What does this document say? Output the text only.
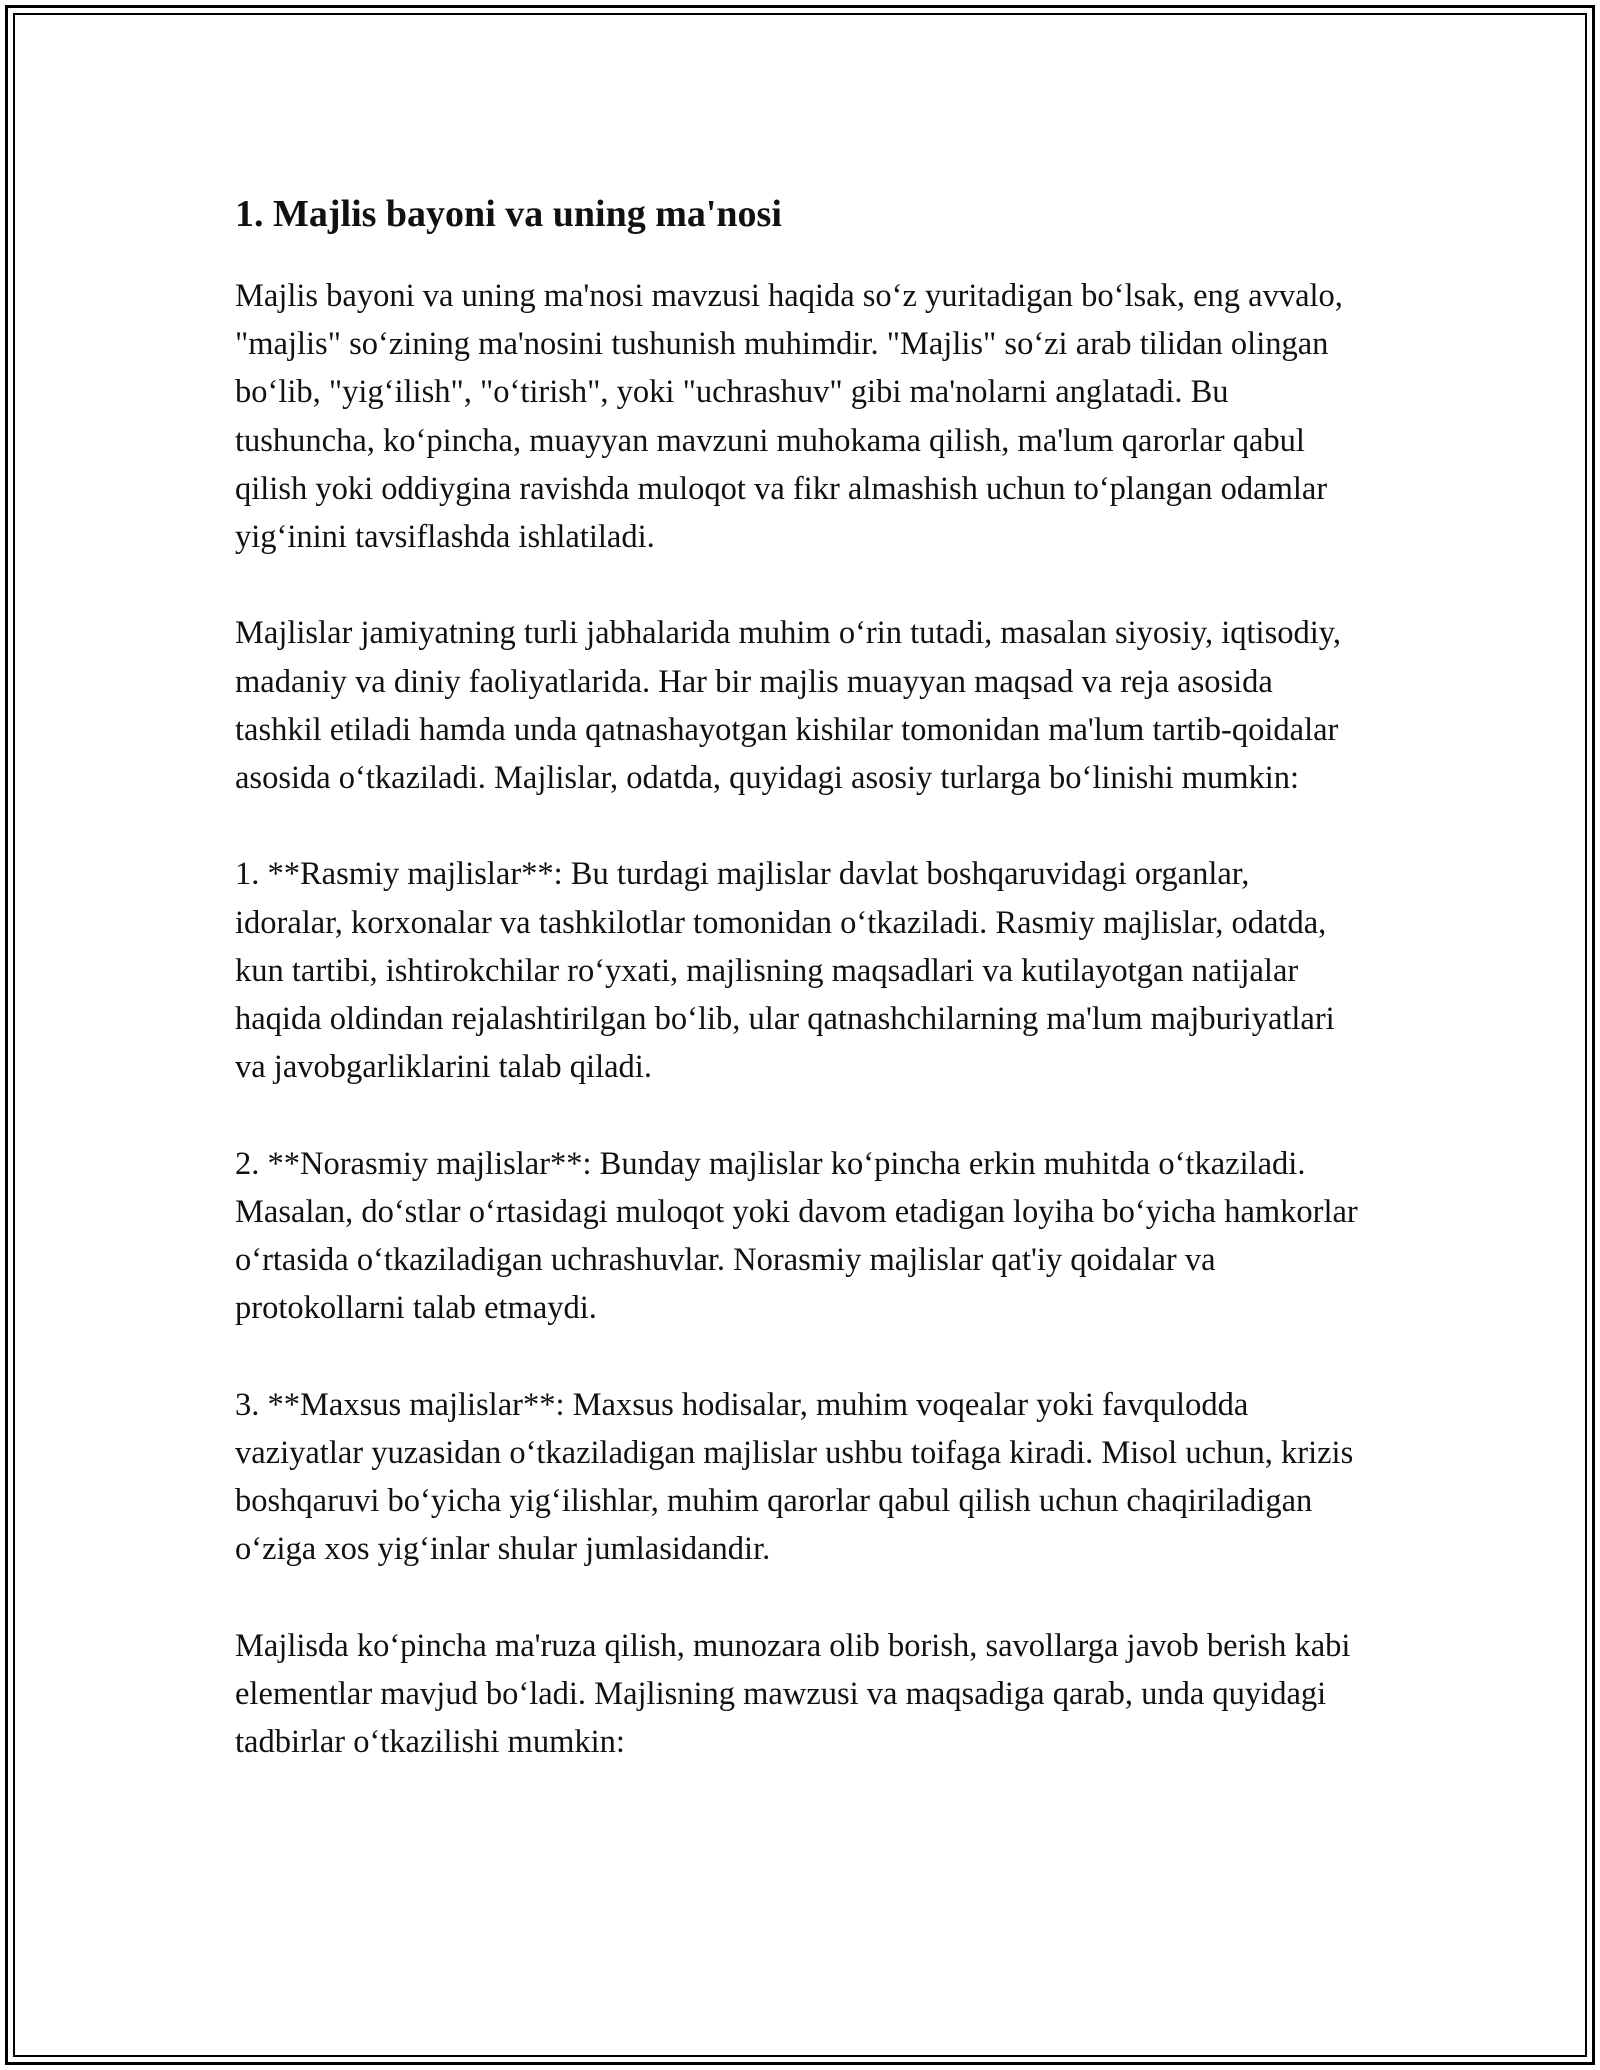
1. Majlis bayoni va uning ma'nosi

Majlis bayoni va uning ma'nosi mavzusi haqida so‘z yuritadigan bo‘lsak, eng avvalo, "majlis" so‘zining ma'nosini tushunish muhimdir. "Majlis" so‘zi arab tilidan olingan bo‘lib, "yig‘ilish", "o‘tirish", yoki "uchrashuv" gibi ma'nolarni anglatadi. Bu tushuncha, ko‘pincha, muayyan mavzuni muhokama qilish, ma'lum qarorlar qabul qilish yoki oddiygina ravishda muloqot va fikr almashish uchun to‘plangan odamlar yig‘inini tavsiflashda ishlatiladi.

Majlislar jamiyatning turli jabhalarida muhim o‘rin tutadi, masalan siyosiy, iqtisodiy, madaniy va diniy faoliyatlarida. Har bir majlis muayyan maqsad va reja asosida tashkil etiladi hamda unda qatnashayotgan kishilar tomonidan ma'lum tartib-qoidalar asosida o‘tkaziladi. Majlislar, odatda, quyidagi asosiy turlarga bo‘linishi mumkin:

1. **Rasmiy majlislar**: Bu turdagi majlislar davlat boshqaruvidagi organlar, idoralar, korxonalar va tashkilotlar tomonidan o‘tkaziladi. Rasmiy majlislar, odatda, kun tartibi, ishtirokchilar ro‘yxati, majlisning maqsadlari va kutilayotgan natijalar haqida oldindan rejalashtirilgan bo‘lib, ular qatnashchilarning ma'lum majburiyatlari va javobgarliklarini talab qiladi.

2. **Norasmiy majlislar**: Bunday majlislar ko‘pincha erkin muhitda o‘tkaziladi. Masalan, do‘stlar o‘rtasidagi muloqot yoki davom etadigan loyiha bo‘yicha hamkorlar o‘rtasida o‘tkaziladigan uchrashuvlar. Norasmiy majlislar qat'iy qoidalar va protokollarni talab etmaydi.

3. **Maxsus majlislar**: Maxsus hodisalar, muhim voqealar yoki favqulodda vaziyatlar yuzasidan o‘tkaziladigan majlislar ushbu toifaga kiradi. Misol uchun, krizis boshqaruvi bo‘yicha yig‘ilishlar, muhim qarorlar qabul qilish uchun chaqiriladigan o‘ziga xos yig‘inlar shular jumlasidandir.

Majlisda ko‘pincha ma'ruza qilish, munozara olib borish, savollarga javob berish kabi elementlar mavjud bo‘ladi. Majlisning mawzusi va maqsadiga qarab, unda quyidagi tadbirlar o‘tkazilishi mumkin:
